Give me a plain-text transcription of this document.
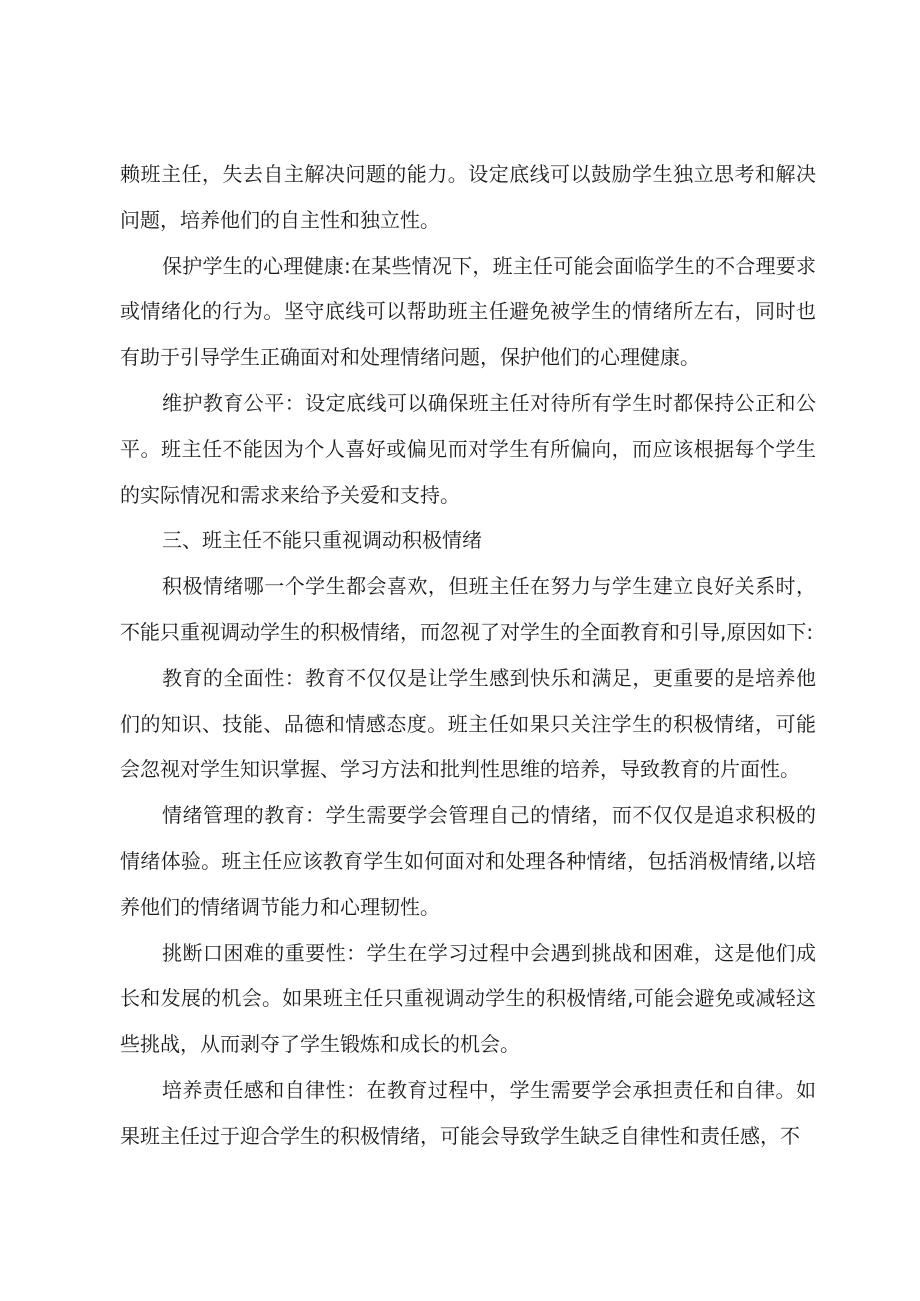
赖班主任，失去自主解决问题的能力。设定底线可以鼓励学生独立思考和解决问题，培养他们的自主性和独立性。

保护学生的心理健康:在某些情况下，班主任可能会面临学生的不合理要求或情绪化的行为。坚守底线可以帮助班主任避免被学生的情绪所左右，同时也有助于引导学生正确面对和处理情绪问题，保护他们的心理健康。

维护教育公平：设定底线可以确保班主任对待所有学生时都保持公正和公平。班主任不能因为个人喜好或偏见而对学生有所偏向，而应该根据每个学生的实际情况和需求来给予关爱和支持。

三、班主任不能只重视调动积极情绪

积极情绪哪一个学生都会喜欢，但班主任在努力与学生建立良好关系时，不能只重视调动学生的积极情绪，而忽视了对学生的全面教育和引导,原因如下:

教育的全面性：教育不仅仅是让学生感到快乐和满足，更重要的是培养他们的知识、技能、品德和情感态度。班主任如果只关注学生的积极情绪，可能会忽视对学生知识掌握、学习方法和批判性思维的培养，导致教育的片面性。

情绪管理的教育：学生需要学会管理自己的情绪，而不仅仅是追求积极的情绪体验。班主任应该教育学生如何面对和处理各种情绪，包括消极情绪,以培养他们的情绪调节能力和心理韧性。

挑断口困难的重要性：学生在学习过程中会遇到挑战和困难，这是他们成长和发展的机会。如果班主任只重视调动学生的积极情绪,可能会避免或减轻这些挑战，从而剥夺了学生锻炼和成长的机会。

培养责任感和自律性：在教育过程中，学生需要学会承担责任和自律。如果班主任过于迎合学生的积极情绪，可能会导致学生缺乏自律性和责任感，不
